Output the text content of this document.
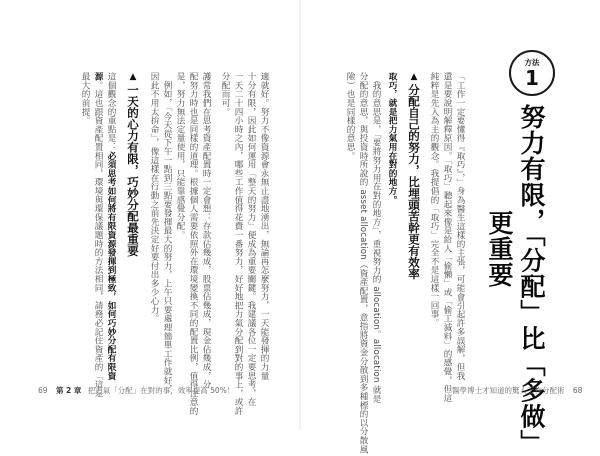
方法
1
努力有限，「分配」比「多做」
更重要
「工作一定要懂得『取巧』，」身為醫生這樣的主張，可能會引起許多誤解，但我
還是要說明解釋原因。「取巧」聽起來像是給人「偷懶」或「偷工減料」的感覺，但這
純粹是先入為主的觀念。我提倡的「取巧」完全不是這樣一回事。
▲分配自己的努力，比埋頭苦幹更有效率
取巧，就是把力氣用在對的地方。
　我的意思是，「要將努力用在對的地方」，重視努力的 allocation。allocation 就是
分配的意思，與投資時所說的 asset allocation（資產配置，意指將資金分散到多種標的以分散風
險）也是同樣的意思。
醫學博士才知道的驚人工作分配術 68
適就好。努力不像資源會永無止盡地湧出，無論再怎麼努力，一天能發揮的力量
十分有限，因此如何運用「整天的努力」便成為重要關鍵。我建議各位一定要思考，在
一天二十四小時之內，哪些工作值得花費一番努力，好好地把力氣分配到對的事上，或許
分配而可。
護常我們在思考資產配置時一定會想：存款佔幾成，股票佔幾成，現金佔幾成，分
配努力時也是同樣的道理。根據個人需要依照外在環境變換不同的配置比例，值得注意的
是，努力無法定量使用，只能靠感覺分配。
　例如，「今天從下午一點到三點要發揮最大的努力，上午只要處理簡單工作就好，
因此不用太拚命」，像這樣在行動之前先決定好要付出多少心力。
▲一天的心力有限，巧妙分配最重要
這個觀念的重點是：必須思考如何將有限資源發揮到極致，如何巧妙分配有限資
源。這也跟資產配置相同，環境與環保議題時的方法相同，請務必記住資產的「這是
最大的前提。
69 第 2 章 把力氣「分配」在對的事，效率提高 50%！
